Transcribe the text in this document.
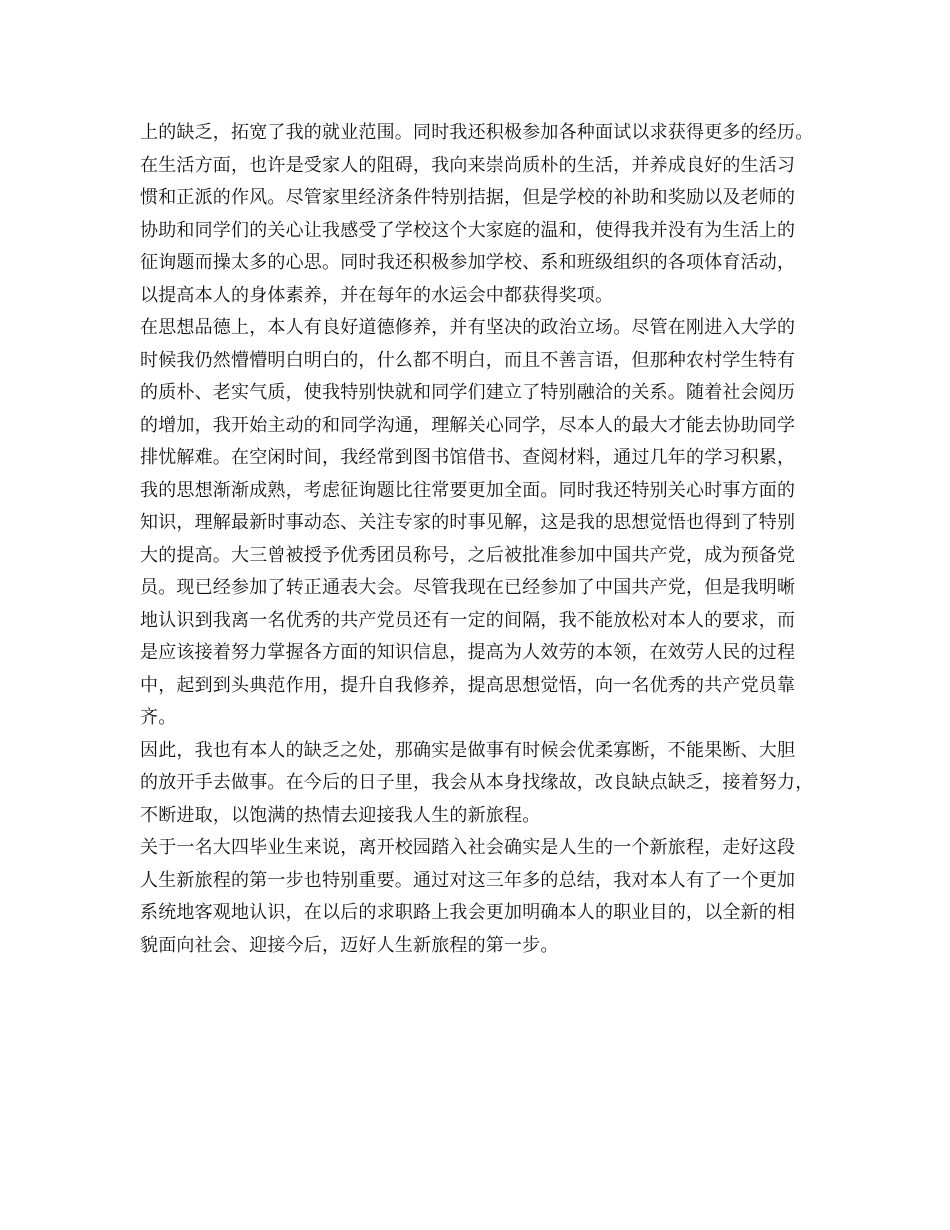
上的缺乏，拓宽了我的就业范围。同时我还积极参加各种面试以求获得更多的经历。
在生活方面，也许是受家人的阻碍，我向来崇尚质朴的生活，并养成良好的生活习
惯和正派的作风。尽管家里经济条件特别拮据，但是学校的补助和奖励以及老师的
协助和同学们的关心让我感受了学校这个大家庭的温和，使得我并没有为生活上的
征询题而操太多的心思。同时我还积极参加学校、系和班级组织的各项体育活动，
以提高本人的身体素养，并在每年的水运会中都获得奖项。
在思想品德上，本人有良好道德修养，并有坚决的政治立场。尽管在刚进入大学的
时候我仍然懵懵明白明白的，什么都不明白，而且不善言语，但那种农村学生特有
的质朴、老实气质，使我特别快就和同学们建立了特别融洽的关系。随着社会阅历
的增加，我开始主动的和同学沟通，理解关心同学，尽本人的最大才能去协助同学
排忧解难。在空闲时间，我经常到图书馆借书、查阅材料，通过几年的学习积累，
我的思想渐渐成熟，考虑征询题比往常要更加全面。同时我还特别关心时事方面的
知识，理解最新时事动态、关注专家的时事见解，这是我的思想觉悟也得到了特别
大的提高。大三曾被授予优秀团员称号，之后被批准参加中国共产党，成为预备党
员。现已经参加了转正通表大会。尽管我现在已经参加了中国共产党，但是我明晰
地认识到我离一名优秀的共产党员还有一定的间隔，我不能放松对本人的要求，而
是应该接着努力掌握各方面的知识信息，提高为人效劳的本领，在效劳人民的过程
中，起到到头典范作用，提升自我修养，提高思想觉悟，向一名优秀的共产党员靠
齐。
因此，我也有本人的缺乏之处，那确实是做事有时候会优柔寡断，不能果断、大胆
的放开手去做事。在今后的日子里，我会从本身找缘故，改良缺点缺乏，接着努力，
不断进取，以饱满的热情去迎接我人生的新旅程。
关于一名大四毕业生来说，离开校园踏入社会确实是人生的一个新旅程，走好这段
人生新旅程的第一步也特别重要。通过对这三年多的总结，我对本人有了一个更加
系统地客观地认识，在以后的求职路上我会更加明确本人的职业目的，以全新的相
貌面向社会、迎接今后，迈好人生新旅程的第一步。
